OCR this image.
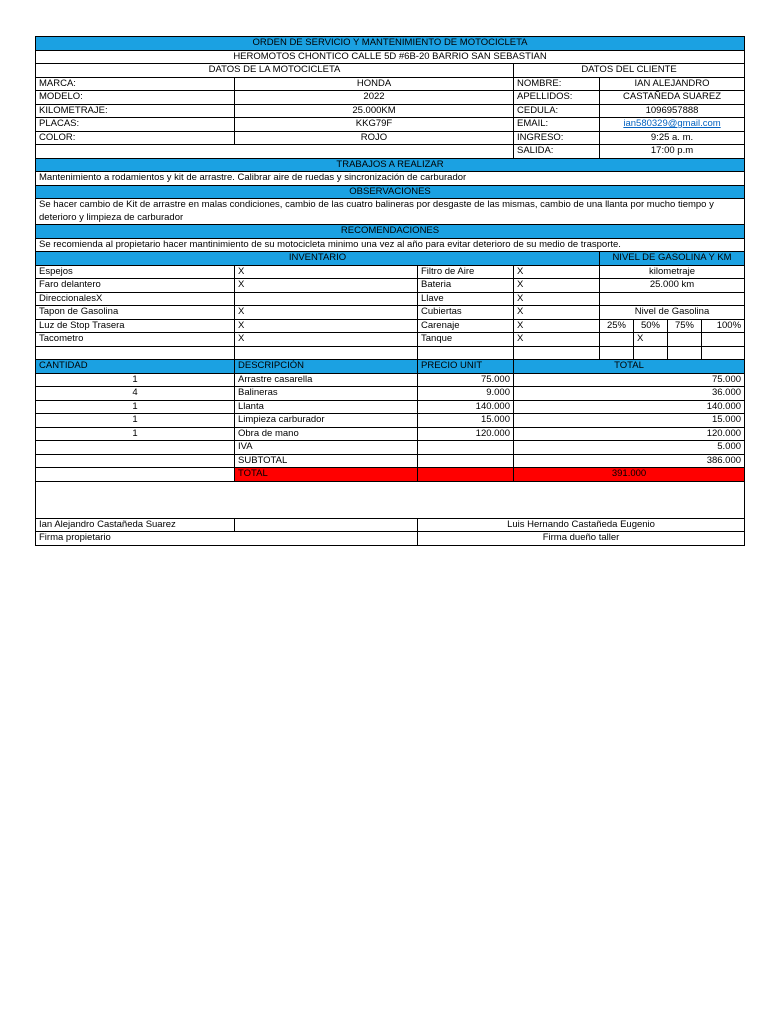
ORDEN DE SERVICIO Y MANTENIMIENTO DE MOTOCICLETA							
HEROMOTOS CHONTICO CALLE 5D #6B-20 BARRIO SAN SEBASTIAN							
DATOS DE LA MOTOCICLETA			DATOS DEL CLIENTE				
MARCA:	HONDA		NOMBRE:	IAN ALEJANDRO			
MODELO:	2022		APELLIDOS:	CASTAÑEDA SUAREZ			
KILOMETRAJE:	25.000KM		CEDULA:	1096957888			
PLACAS:	KKG79F		EMAIL:	ian580329@gmail.com			
COLOR:	ROJO		INGRESO:	9:25 a. m.			
			SALIDA:	17:00 p.m			
TRABAJOS A REALIZAR							
Mantenimiento a rodamientos y kit de arrastre. Calibrar aire de ruedas y sincronización de carburador							
OBSERVACIONES							
Se hacer cambio de Kit de arrastre en malas condiciones, cambio de las cuatro balineras por desgaste de las mismas, cambio de una llanta por mucho tiempo y deterioro y limpieza de carburador							
RECOMENDACIONES							
Se recomienda al propietario hacer mantinimiento de su motocicleta minimo una vez al año para evitar deterioro de su medio de trasporte.							
INVENTARIO				NIVEL DE GASOLINA Y KM			
Espejos	X	Filtro de Aire	X	kilometraje			
Faro delantero	X	Bateria	X	25.000 km			
DireccionalesX		Llave	X				
Tapon de Gasolina	X	Cubiertas	X	Nivel de Gasolina			
Luz de Stop Trasera	X	Carenaje	X	25%	50%	75%	100%
Tacometro	X	Tanque	X		X		

CANTIDAD	DESCRIPCIÓN	PRECIO UNIT	TOTAL				
1	Arrastre casarella	75.000	75.000				
4	Balineras	9.000	36.000				
1	Llanta	140.000	140.000				
1	Limpieza carburador	15.000	15.000				
1	Obra de mano	120.000	120.000				
	IVA		5.000				
	SUBTOTAL		386.000				
	TOTAL		391.000				

Ian Alejandro Castañeda Suarez		Luis Hernando Castañeda Eugenio					
Firma propietario		Firma dueño taller					
